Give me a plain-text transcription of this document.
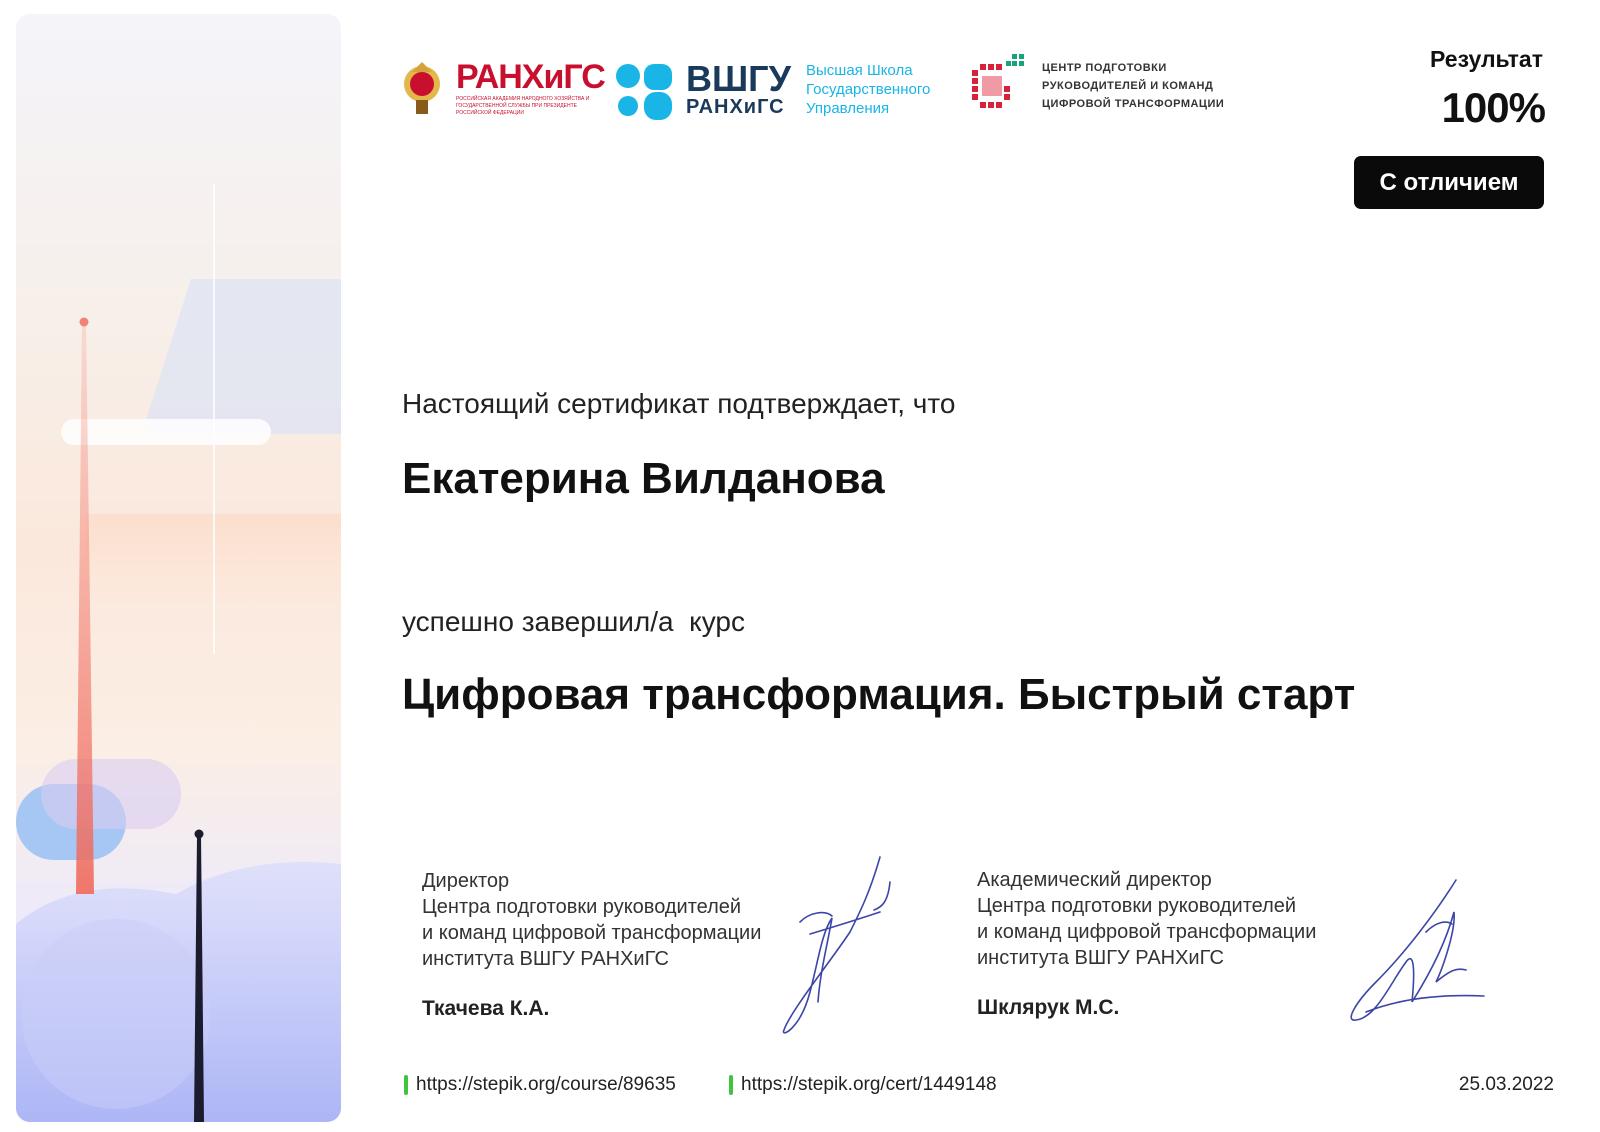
РАНХиГС
РОССИЙСКАЯ АКАДЕМИЯ НАРОДНОГО ХОЗЯЙСТВА И ГОСУДАРСТВЕННОЙ СЛУЖБЫ ПРИ ПРЕЗИДЕНТЕ РОССИЙСКОЙ ФЕДЕРАЦИИ
ВШГУ
РАНХиГС
Высшая Школа
Государственного
Управления
ЦЕНТР ПОДГОТОВКИ
РУКОВОДИТЕЛЕЙ И КОМАНД
ЦИФРОВОЙ ТРАНСФОРМАЦИИ
Результат
100%
С отличием
Настоящий сертификат подтверждает, что
Екатерина Вилданова
успешно завершил/а  курс
Цифровая трансформация. Быстрый старт
Директор
Центра подготовки руководителей
и команд цифровой трансформации
института ВШГУ РАНХиГС
Ткачева К.А.
Академический директор
Центра подготовки руководителей
и команд цифровой трансформации
института ВШГУ РАНХиГС
Шклярук М.С.
https://stepik.org/course/89635	https://stepik.org/cert/1449148	25.03.2022
